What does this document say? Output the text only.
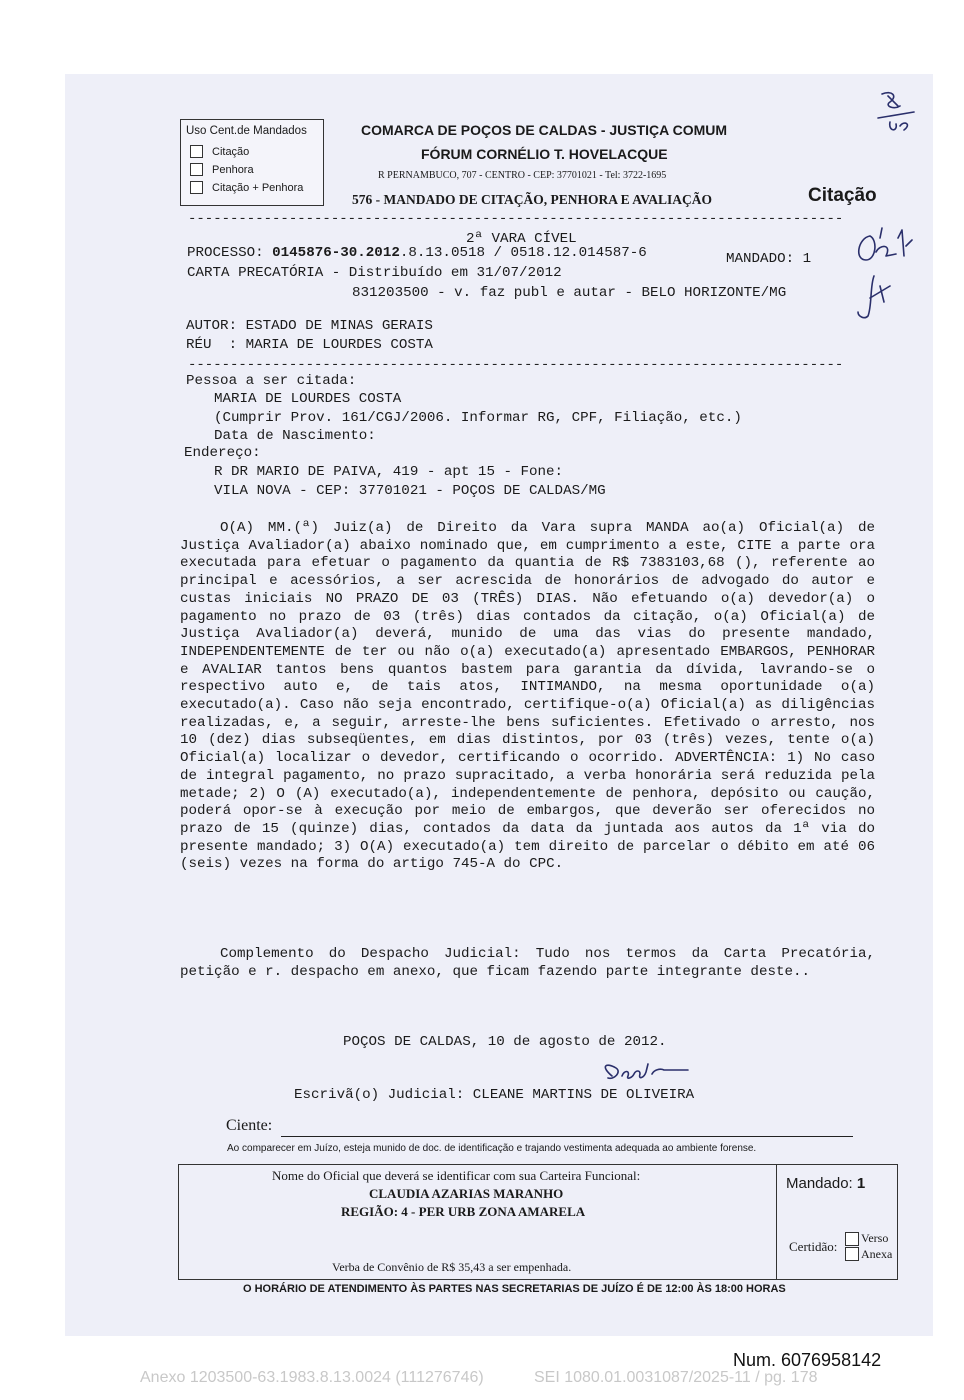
Uso Cent.de Mandados
Citação
Penhora
Citação + Penhora
COMARCA DE POÇOS DE CALDAS - JUSTIÇA COMUM
FÓRUM CORNÉLIO T. HOVELACQUE
R PERNAMBUCO, 707 - CENTRO - CEP: 37701021 - Tel: 3722-1695
576 - MANDADO DE CITAÇÃO, PENHORA E AVALIAÇÃO	Citação
------------------------------------------------------------------------------
2ª VARA CÍVEL
PROCESSO: 0145876-30.2012.8.13.0518 / 0518.12.014587-6	MANDADO: 1
CARTA PRECATÓRIA - Distribuído em 31/07/2012
831203500 - v. faz publ e autar - BELO HORIZONTE/MG
AUTOR: ESTADO DE MINAS GERAIS
RÉU  : MARIA DE LOURDES COSTA
------------------------------------------------------------------------------
Pessoa a ser citada:
MARIA DE LOURDES COSTA
(Cumprir Prov. 161/CGJ/2006. Informar RG, CPF, Filiação, etc.)
Data de Nascimento:
Endereço:
R DR MARIO DE PAIVA, 419 - apt 15 - Fone:
VILA NOVA - CEP: 37701021 - POÇOS DE CALDAS/MG
O(A) MM.(ª) Juiz(a) de Direito da Vara supra MANDA ao(a) Oficial(a) de Justiça Avaliador(a) abaixo nominado que, em cumprimento a este, CITE a parte ora executada para efetuar o pagamento da quantia de R$ 7383103,68 (), referente ao principal e acessórios, a ser acrescida de honorários de advogado do autor e custas iniciais NO PRAZO DE 03 (TRÊS) DIAS. Não efetuando o(a) devedor(a) o pagamento no prazo de 03 (três) dias contados da citação, o(a) Oficial(a) de Justiça Avaliador(a) deverá, munido de uma das vias do presente mandado, INDEPENDENTEMENTE de ter ou não o(a) executado(a) apresentado EMBARGOS, PENHORAR e AVALIAR tantos bens quantos bastem para garantia da dívida, lavrando-se o respectivo auto e, de tais atos, INTIMANDO, na mesma oportunidade o(a) executado(a). Caso não seja encontrado, certifique-o(a) Oficial(a) as diligências realizadas, e, a seguir, arreste-lhe bens suficientes. Efetivado o arresto, nos 10 (dez) dias subseqüentes, em dias distintos, por 03 (três) vezes, tente o(a) Oficial(a) localizar o devedor, certificando o ocorrido. ADVERTÊNCIA: 1) No caso de integral pagamento, no prazo supracitado, a verba honorária será reduzida pela metade; 2) O (A) executado(a), independentemente de penhora, depósito ou caução, poderá opor-se à execução por meio de embargos, que deverão ser oferecidos no prazo de 15 (quinze) dias, contados da data da juntada aos autos da 1ª via do presente mandado; 3) O(A) executado(a) tem direito de parcelar o débito em até 06 (seis) vezes na forma do artigo 745-A do CPC.
Complemento do Despacho Judicial: Tudo nos termos da Carta Precatória, petição e r. despacho em anexo, que ficam fazendo parte integrante deste..
POÇOS DE CALDAS, 10 de agosto de 2012.
Escrivã(o) Judicial: CLEANE MARTINS DE OLIVEIRA
Ciente:
Ao comparecer em Juízo, esteja munido de doc. de identificação e trajando vestimenta adequada ao ambiente forense.
Nome do Oficial que deverá se identificar com sua Carteira Funcional:
CLAUDIA AZARIAS MARANHO
REGIÃO: 4 - PER URB ZONA AMARELA
Verba de Convênio de R$ 35,43 a ser empenhada.
Mandado: 1
Certidão:
Verso
Anexa
O HORÁRIO DE ATENDIMENTO ÀS PARTES NAS SECRETARIAS DE JUÍZO É DE 12:00 ÀS 18:00 HORAS
Num. 6076958142
Anexo 1203500-63.1983.8.13.0024 (111276746)	SEI 1080.01.0031087/2025-11 / pg. 178
